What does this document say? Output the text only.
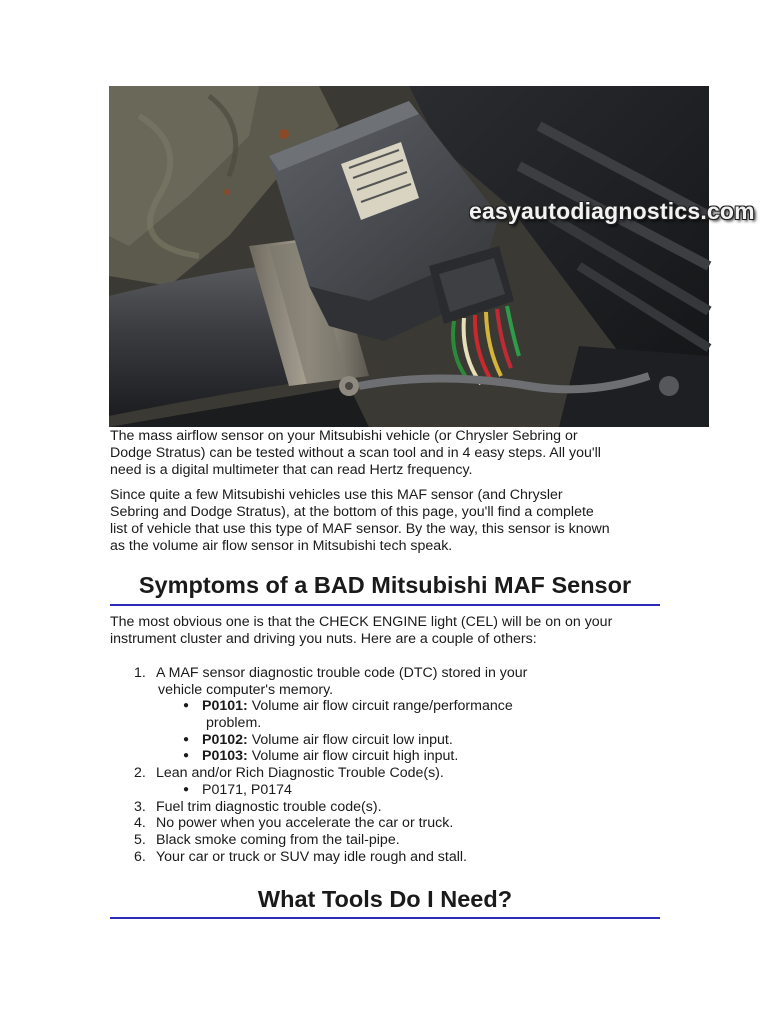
easyautodiagnostics.com

The mass airflow sensor on your Mitsubishi vehicle (or Chrysler Sebring or
Dodge Stratus) can be tested without a scan tool and in 4 easy steps. All you'll
need is a digital multimeter that can read Hertz frequency.

Since quite a few Mitsubishi vehicles use this MAF sensor (and Chrysler
Sebring and Dodge Stratus), at the bottom of this page, you'll find a complete
list of vehicle that use this type of MAF sensor. By the way, this sensor is known
as the volume air flow sensor in Mitsubishi tech speak.

Symptoms of a BAD Mitsubishi MAF Sensor

The most obvious one is that the CHECK ENGINE light (CEL) will be on on your
instrument cluster and driving you nuts. Here are a couple of others:

1. A MAF sensor diagnostic trouble code (DTC) stored in your
vehicle computer's memory.
● P0101: Volume air flow circuit range/performance
problem.
● P0102: Volume air flow circuit low input.
● P0103: Volume air flow circuit high input.
2. Lean and/or Rich Diagnostic Trouble Code(s).
● P0171, P0174
3. Fuel trim diagnostic trouble code(s).
4. No power when you accelerate the car or truck.
5. Black smoke coming from the tail-pipe.
6. Your car or truck or SUV may idle rough and stall.
What Tools Do I Need?
